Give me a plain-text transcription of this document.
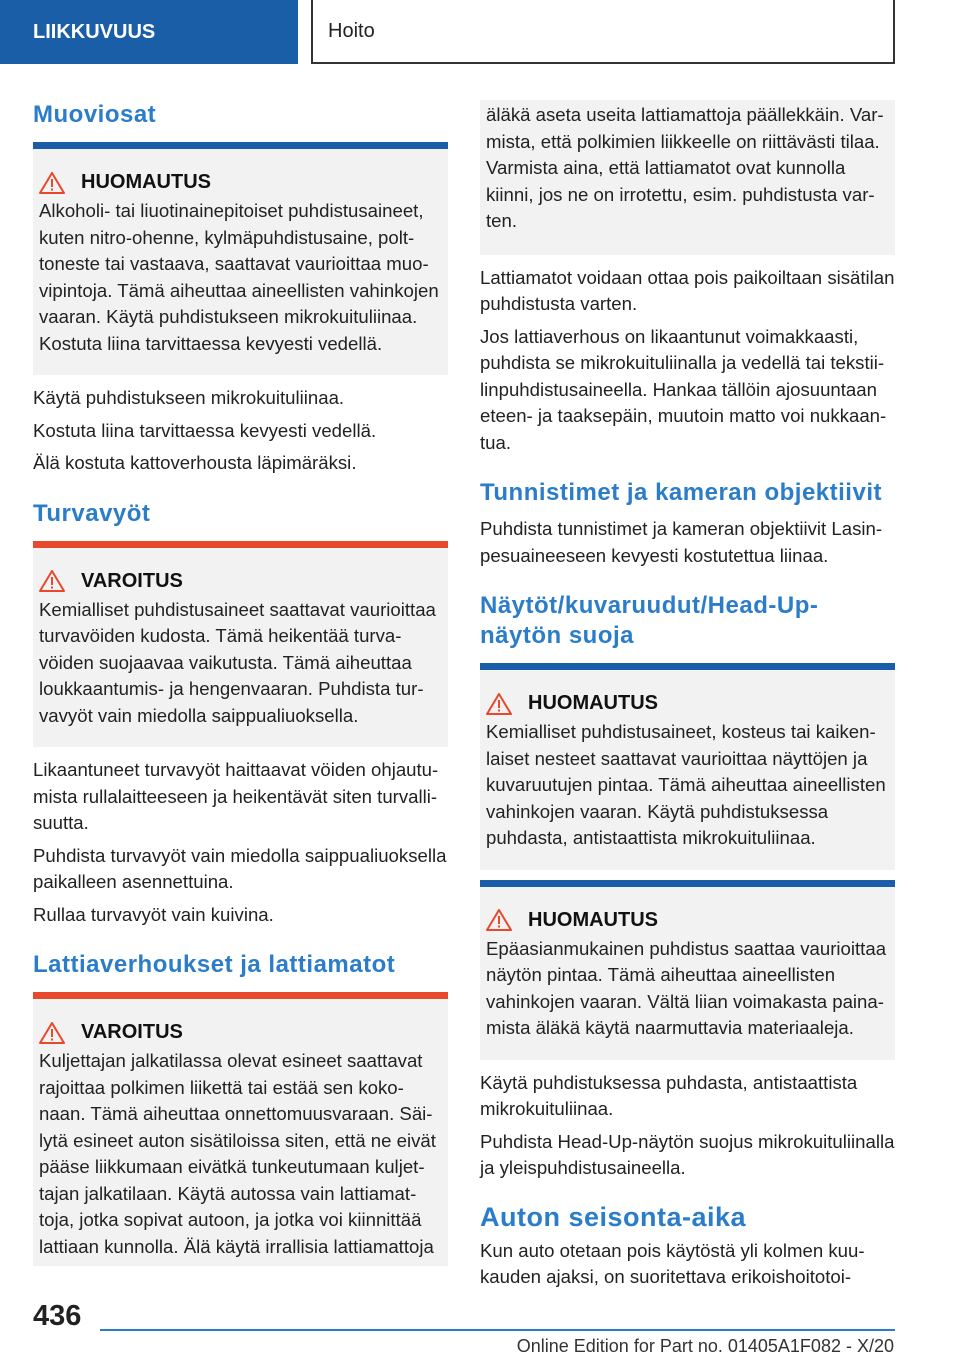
LIIKKUVUUS	Hoito
Muoviosat
HUOMAUTUS
Alkoholi- tai liuotinainepitoiset puhdistusaineet, kuten nitro-ohenne, kylmäpuhdistusaine, polttoneste tai vastaava, saattavat vaurioittaa muovipintoja. Tämä aiheuttaa aineellisten vahinkojen vaaran. Käytä puhdistukseen mikrokuituliinaa. Kostuta liina tarvittaessa kevyesti vedellä.

Käytä puhdistukseen mikrokuituliinaa.

Kostuta liina tarvittaessa kevyesti vedellä.

Älä kostuta kattoverhousta läpimäräksi.

Turvavyöt
VAROITUS
Kemialliset puhdistusaineet saattavat vaurioittaa turvavöiden kudosta. Tämä heikentää turvavöiden suojaavaa vaikutusta. Tämä aiheuttaa loukkaantumis- ja hengenvaaran. Puhdista turvavyöt vain miedolla saippualiuoksella.

Likaantuneet turvavyöt haittaavat vöiden ohjautumista rullalaitteeseen ja heikentävät siten turvallisuutta.

Puhdista turvavyöt vain miedolla saippualiuoksella paikalleen asennettuina.

Rullaa turvavyöt vain kuivina.

Lattiaverhoukset ja lattiamatot
VAROITUS
Kuljettajan jalkatilassa olevat esineet saattavat rajoittaa polkimen liikettä tai estää sen kokonaan. Tämä aiheuttaa onnettomuusvaraan. Säilytä esineet auton sisätiloissa siten, että ne eivät pääse liikkumaan eivätkä tunkeutumaan kuljettajan jalkatilaan. Käytä autossa vain lattiamattoja, jotka sopivat autoon, ja jotka voi kiinnittää lattiaan kunnolla. Älä käytä irrallisia lattiamattoja
äläkä aseta useita lattiamattoja päällekkäin. Varmista, että polkimien liikkeelle on riittävästi tilaa. Varmista aina, että lattiamatot ovat kunnolla kiinni, jos ne on irrotettu, esim. puhdistusta varten.

Lattiamatot voidaan ottaa pois paikoiltaan sisätilan puhdistusta varten.

Jos lattiaverhous on likaantunut voimakkaasti, puhdista se mikrokuituliinalla ja vedellä tai tekstiilinpuhdistusaineella. Hankaa tällöin ajosuuntaan eteen- ja taaksepäin, muutoin matto voi nukkaantua.

Tunnistimet ja kameran objektiivit

Puhdista tunnistimet ja kameran objektiivit Lasinpesuaineeseen kevyesti kostutettua liinaa.

Näytöt/kuvaruudut/Head-Up-näytön suoja
HUOMAUTUS
Kemialliset puhdistusaineet, kosteus tai kaikenlaiset nesteet saattavat vaurioittaa näyttöjen ja kuvaruutujen pintaa. Tämä aiheuttaa aineellisten vahinkojen vaaran. Käytä puhdistuksessa puhdasta, antistaattista mikrokuituliinaa.
HUOMAUTUS
Epäasianmukainen puhdistus saattaa vaurioittaa näytön pintaa. Tämä aiheuttaa aineellisten vahinkojen vaaran. Vältä liian voimakasta painamista äläkä käytä naarmuttavia materiaaleja.

Käytä puhdistuksessa puhdasta, antistaattista mikrokuituliinaa.

Puhdista Head-Up-näytön suojus mikrokuituliinalla ja yleispuhdistusaineella.

Auton seisonta-aika

Kun auto otetaan pois käytöstä yli kolmen kuukauden ajaksi, on suoritettava erikoishoitotoi-

436
Online Edition for Part no. 01405A1F082 - X/20
